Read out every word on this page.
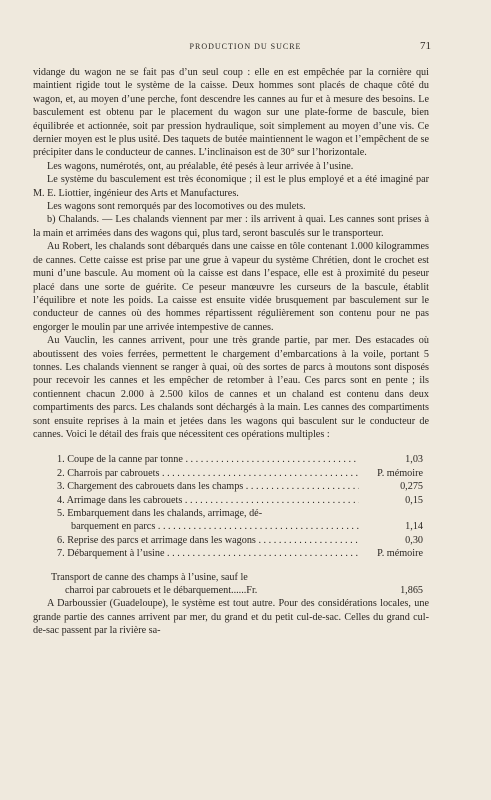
PRODUCTION DU SUCRE	71

vidange du wagon ne se fait pas d’un seul coup : elle en est empêchée par la cornière qui maintient rigide tout le système de la caisse. Deux hommes sont placés de chaque côté du wagon, et, au moyen d’une perche, font descendre les cannes au fur et à mesure des besoins. Le basculement est obtenu par le placement du wagon sur une plate-forme de bascule, bien équilibrée et actionnée, soit par pression hydraulique, soit simplement au moyen d’une vis. Ce dernier moyen est le plus usité. Des taquets de butée maintiennent le wagon et l’empêchent de se précipiter dans le conducteur de cannes. L’inclinaison est de 30° sur l’horizontale.

Les wagons, numérotés, ont, au préalable, été pesés à leur arrivée à l’usine.

Le système du basculement est très économique ; il est le plus employé et a été imaginé par M. E. Liottier, ingénieur des Arts et Manufactures.

Les wagons sont remorqués par des locomotives ou des mulets.

b) Chalands. — Les chalands viennent par mer : ils arrivent à quai. Les cannes sont prises à la main et arrimées dans des wagons qui, plus tard, seront basculés sur le transporteur.

Au Robert, les chalands sont débarqués dans une caisse en tôle contenant 1.000 kilogrammes de cannes. Cette caisse est prise par une grue à vapeur du système Chrétien, dont le crochet est muni d’une bascule. Au moment où la caisse est dans l’espace, elle est à proximité du peseur placé dans une sorte de guérite. Ce peseur manœuvre les curseurs de la bascule, établit l’équilibre et note les poids. La caisse est ensuite vidée brusquement par basculement sur le conducteur de cannes où des hommes répartissent régulièrement son contenu pour ne pas engorger le moulin par une arrivée intempestive de cannes.

Au Vauclin, les cannes arrivent, pour une très grande partie, par mer. Des estacades où aboutissent des voies ferrées, permettent le chargement d’embarcations à la voile, portant 5 tonnes. Les chalands viennent se ranger à quai, où des sortes de parcs à moutons sont disposés pour recevoir les cannes et les empêcher de retomber à l’eau. Ces parcs sont en pente ; ils contiennent chacun 2.000 à 2.500 kilos de cannes et un chaland est contenu dans deux compartiments des parcs. Les chalands sont déchargés à la main. Les cannes des compartiments sont ensuite reprises à la main et jetées dans les wagons qui basculent sur le conducteur de cannes. Voici le détail des frais que nécessitent ces opérations multiples :

1. Coupe de la canne par tonne . . .	1,03
2. Charrois par cabrouets . . .	P. mémoire
3. Chargement des cabrouets dans les champs . . .	0,275
4. Arrimage dans les cabrouets . . .	0,15
5. Embarquement dans les chalands, arrimage, dé-
barquement en parcs . . .	1,14
6. Reprise des parcs et arrimage dans les wagons . . .	0,30
7. Débarquement à l’usine . . .	P. mémoire
Transport de canne des champs à l’usine, sauf le
charroi par cabrouets et le débarquement......Fr.	1,865

A Darboussier (Guadeloupe), le système est tout autre. Pour des considérations locales, une grande partie des cannes arrivent par mer, du grand et du petit cul-de-sac. Celles du grand cul-de-sac passent par la rivière sa-
